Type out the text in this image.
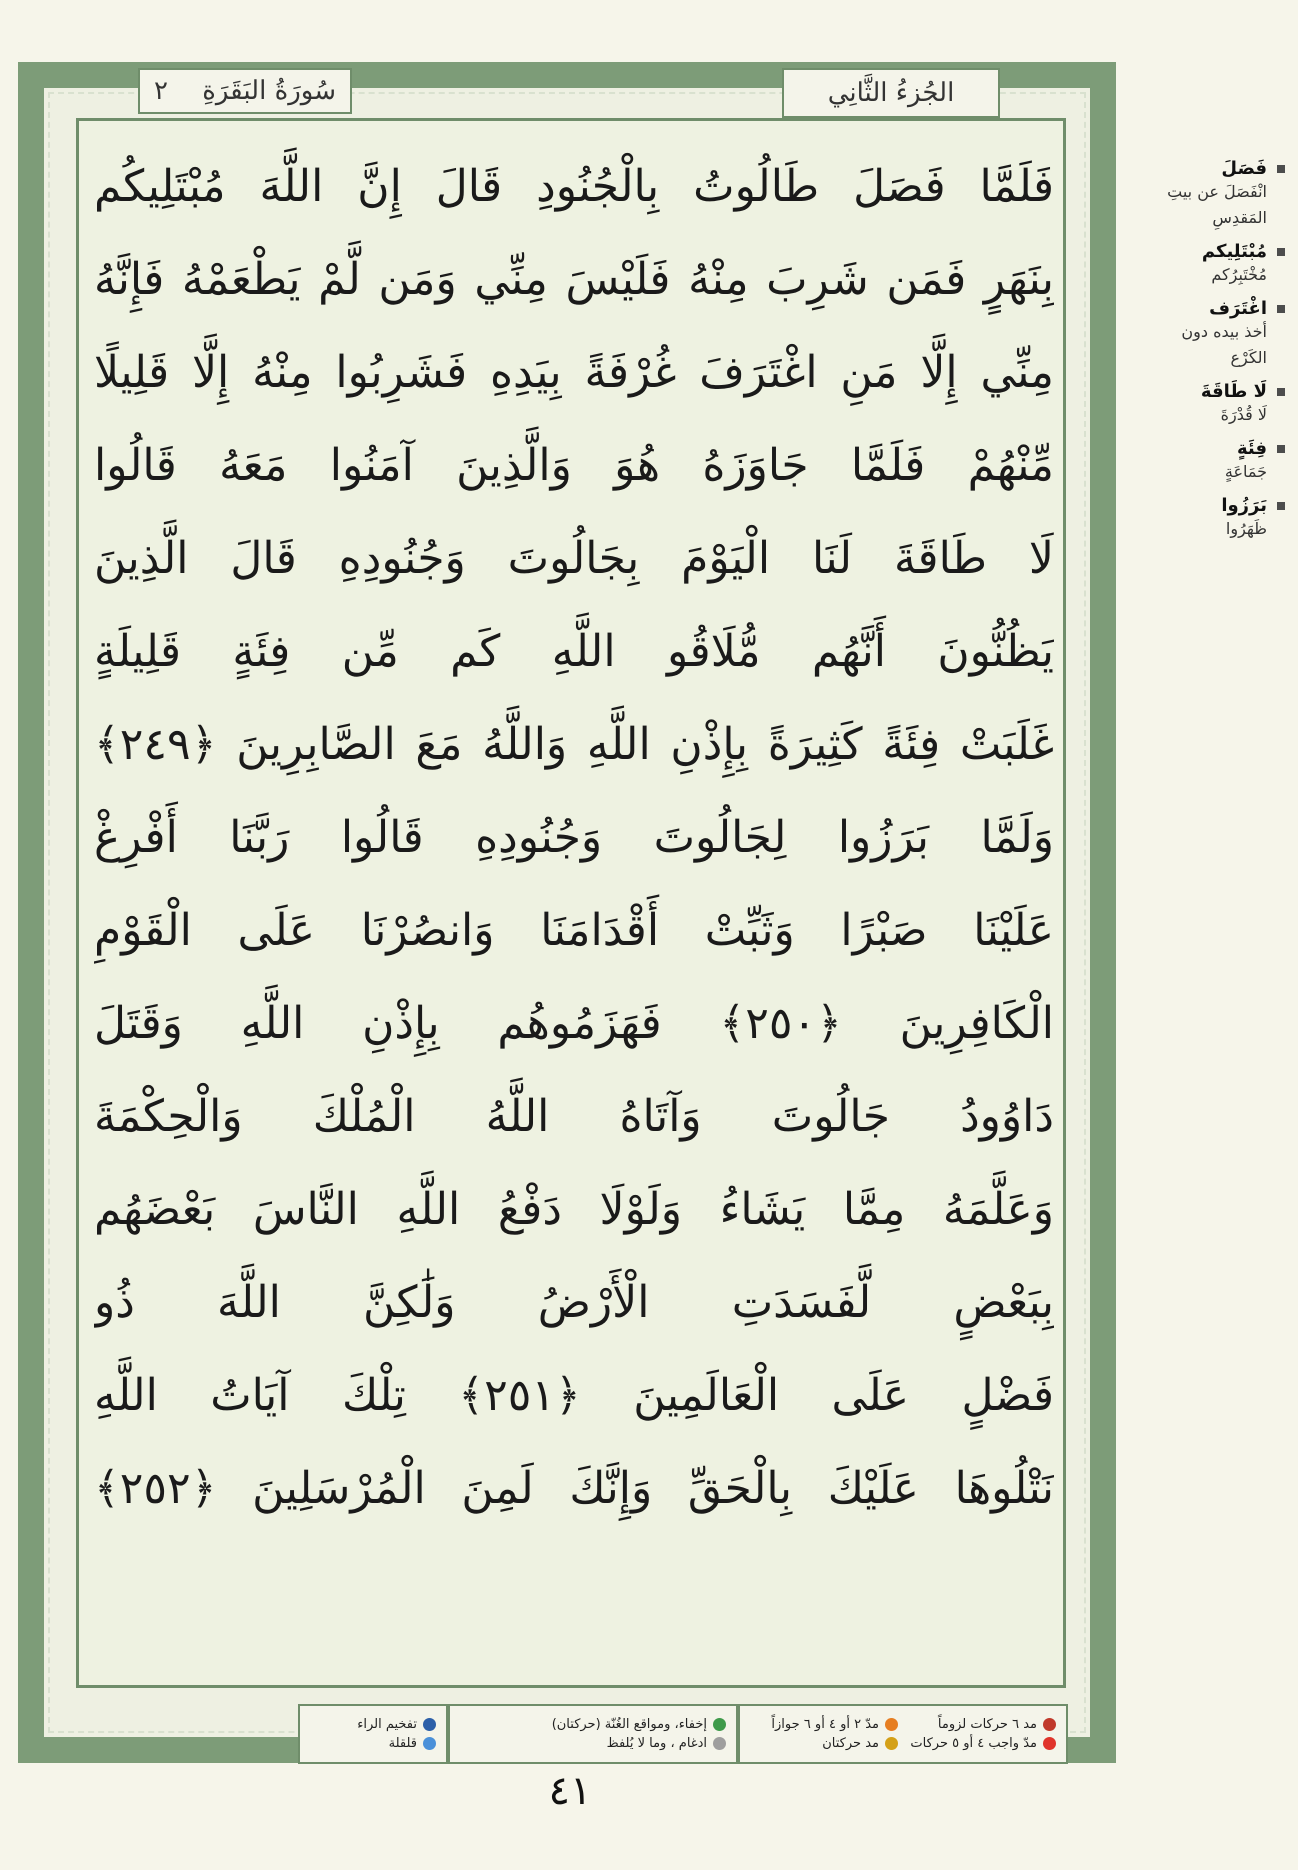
٢ سُورَةُ البَقَرَةِ	الجُزءُ الثَّانِي
فَلَمَّا فَصَلَ طَالُوتُ بِالْجُنُودِ قَالَ إِنَّ اللَّهَ مُبْتَلِيكُم
بِنَهَرٍ فَمَن شَرِبَ مِنْهُ فَلَيْسَ مِنِّي وَمَن لَّمْ يَطْعَمْهُ فَإِنَّهُ
مِنِّي إِلَّا مَنِ اغْتَرَفَ غُرْفَةً بِيَدِهِ فَشَرِبُوا مِنْهُ إِلَّا قَلِيلًا
مِّنْهُمْ فَلَمَّا جَاوَزَهُ هُوَ وَالَّذِينَ آمَنُوا مَعَهُ قَالُوا
لَا طَاقَةَ لَنَا الْيَوْمَ بِجَالُوتَ وَجُنُودِهِ قَالَ الَّذِينَ
يَظُنُّونَ أَنَّهُم مُّلَاقُو اللَّهِ كَم مِّن فِئَةٍ قَلِيلَةٍ
غَلَبَتْ فِئَةً كَثِيرَةً بِإِذْنِ اللَّهِ وَاللَّهُ مَعَ الصَّابِرِينَ ﴿٢٤٩﴾
وَلَمَّا بَرَزُوا لِجَالُوتَ وَجُنُودِهِ قَالُوا رَبَّنَا أَفْرِغْ
عَلَيْنَا صَبْرًا وَثَبِّتْ أَقْدَامَنَا وَانصُرْنَا عَلَى الْقَوْمِ
الْكَافِرِينَ ﴿٢٥٠﴾ فَهَزَمُوهُم بِإِذْنِ اللَّهِ وَقَتَلَ
دَاوُودُ جَالُوتَ وَآتَاهُ اللَّهُ الْمُلْكَ وَالْحِكْمَةَ
وَعَلَّمَهُ مِمَّا يَشَاءُ وَلَوْلَا دَفْعُ اللَّهِ النَّاسَ بَعْضَهُم
بِبَعْضٍ لَّفَسَدَتِ الْأَرْضُ وَلَٰكِنَّ اللَّهَ ذُو
فَضْلٍ عَلَى الْعَالَمِينَ ﴿٢٥١﴾ تِلْكَ آيَاتُ اللَّهِ
نَتْلُوهَا عَلَيْكَ بِالْحَقِّ وَإِنَّكَ لَمِنَ الْمُرْسَلِينَ ﴿٢٥٢﴾
فَصَلَ
انْفَصَلَ عن بيتِ المَقدِسِ
مُبْتَلِيكم
مُخْتَبِرُكم
اغْتَرَف
أخذ بيده دون الكَرْع
لَا طَاقَةَ
لَا قُدْرَةَ
فِئَةٍ
جَمَاعَةٍ
بَرَزُوا
ظَهَرُوا
مد ٦ حركات لزوماً
مدّ ٢ أو ٤ أو ٦ جوازاً
مدّ واجب ٤ أو ٥ حركات
مد حركتان
إخفاء، ومواقع الغُنّة (حركتان)
ادغام ، وما لا يُلفظ
تفخيم الراء
قلقلة
٤١
